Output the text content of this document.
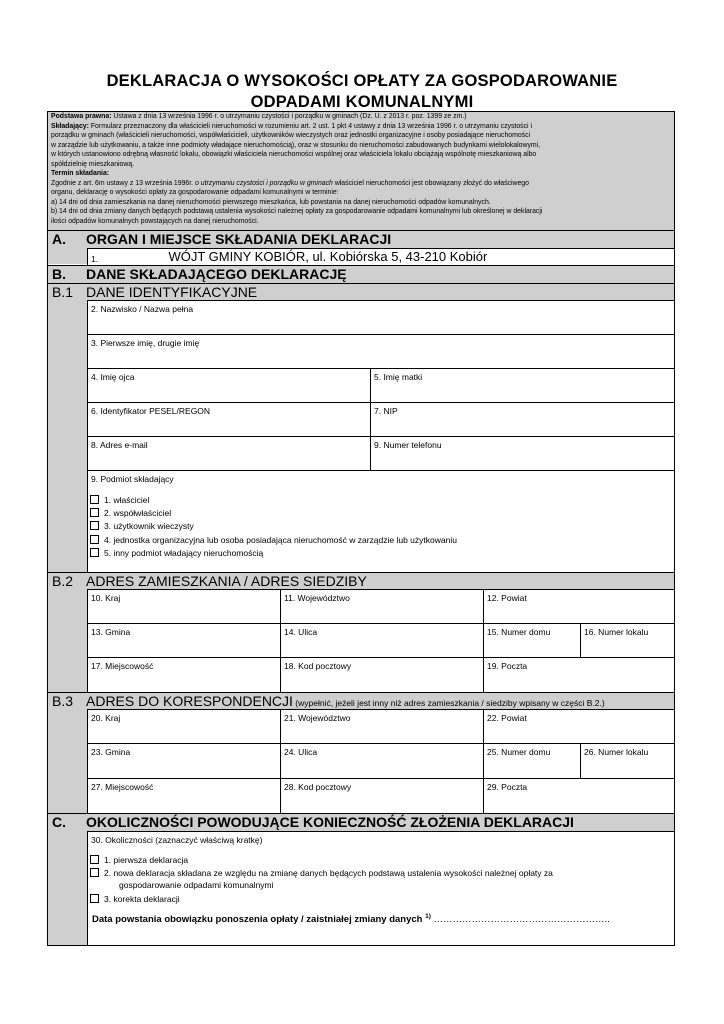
DEKLARACJA O WYSOKOŚCI OPŁATY ZA GOSPODAROWANIE
ODPADAMI KOMUNALNYMI
Podstawa prawna: Ustawa z dnia 13 września 1996 r. o utrzymaniu czystości i porządku w gminach (Dz. U. z 2013 r. poz. 1399 ze zm.)
Składający: Formularz przeznaczony dla właścicieli nieruchomości w rozumieniu art. 2 ust. 1 pkt 4 ustawy z dnia 13 września 1996 r. o utrzymaniu czystości i
porządku w gminach (właścicieli nieruchomości, współwłaścicieli, użytkowników wieczystych oraz jednostki organizacyjne i osoby posiadające nieruchomości
w zarządzie lub użytkowaniu, a także inne podmioty władające nieruchomością), oraz w stosunku do nieruchomości zabudowanych budynkami wielolokalowymi,
w których ustanowiono odrębną własność lokalu, obowiązki właściciela nieruchomości wspólnej oraz właściciela lokalu obciążają wspólnotę mieszkaniową albo
spółdzielnię mieszkaniową.
Termin składania:
Zgodnie z art. 6m ustawy z 13 września 1996r. o utrzymaniu czystości i porządku w gminach właściciel nieruchomości jest obowiązany złożyć do właściwego
organu, deklarację o wysokości opłaty za gospodarowanie odpadami komunalnymi w terminie:
a) 14 dni od dnia zamieszkania na danej nieruchomości pierwszego mieszkańca, lub powstania na danej nieruchomości odpadów komunalnych.
b) 14 dni od dnia zmiany danych będących podstawą ustalenia wysokości należnej opłaty za gospodarowanie odpadami komunalnymi lub określonej w deklaracji
ilości odpadów komunalnych powstających na danej nieruchomości.
A. ORGAN I MIEJSCE SKŁADANIA DEKLARACJI
1.	WÓJT GMINY KOBIÓR, ul. Kobiórska 5, 43-210 Kobiór
B. DANE SKŁADAJĄCEGO DEKLARACJĘ
B.1 DANE IDENTYFIKACYJNE
2. Nazwisko / Nazwa pełna
3. Pierwsze imię, drugie imię
4. Imię ojca	5. Imię matki
6. Identyfikator PESEL/REGON	7. NIP
8. Adres e-mail	9. Numer telefonu
9. Podmiot składający
1. właściciel
2. współwłaściciel
3. użytkownik wieczysty
4. jednostka organizacyjna lub osoba posiadająca nieruchomość w zarządzie lub użytkowaniu
5. inny podmiot władający nieruchomością
B.2 ADRES ZAMIESZKANIA / ADRES SIEDZIBY
10. Kraj	11. Województwo	12. Powiat
13. Gmina	14. Ulica	15. Numer domu	16. Numer lokalu
17. Miejscowość	18. Kod pocztowy	19. Poczta
B.3 ADRES DO KORESPONDENCJI (wypełnić, jeżeli jest inny niż adres zamieszkania / siedziby wpisany w części B.2.)
20. Kraj	21. Województwo	22. Powiat
23. Gmina	24. Ulica	25. Numer domu	26. Numer lokalu
27. Miejscowość	28. Kod pocztowy	29. Poczta
C. OKOLICZNOŚCI POWODUJĄCE KONIECZNOŚĆ ZŁOŻENIA DEKLARACJI
30. Okoliczności (zaznaczyć właściwą kratkę)
1. pierwsza deklaracja
2. nowa deklaracja składana ze względu na zmianę danych będących podstawą ustalenia wysokości należnej opłaty za
gospodarowanie odpadami komunalnymi
3. korekta deklaracji
Data powstania obowiązku ponoszenia opłaty / zaistniałej zmiany danych $^{1)}$ ………………………………………………..
